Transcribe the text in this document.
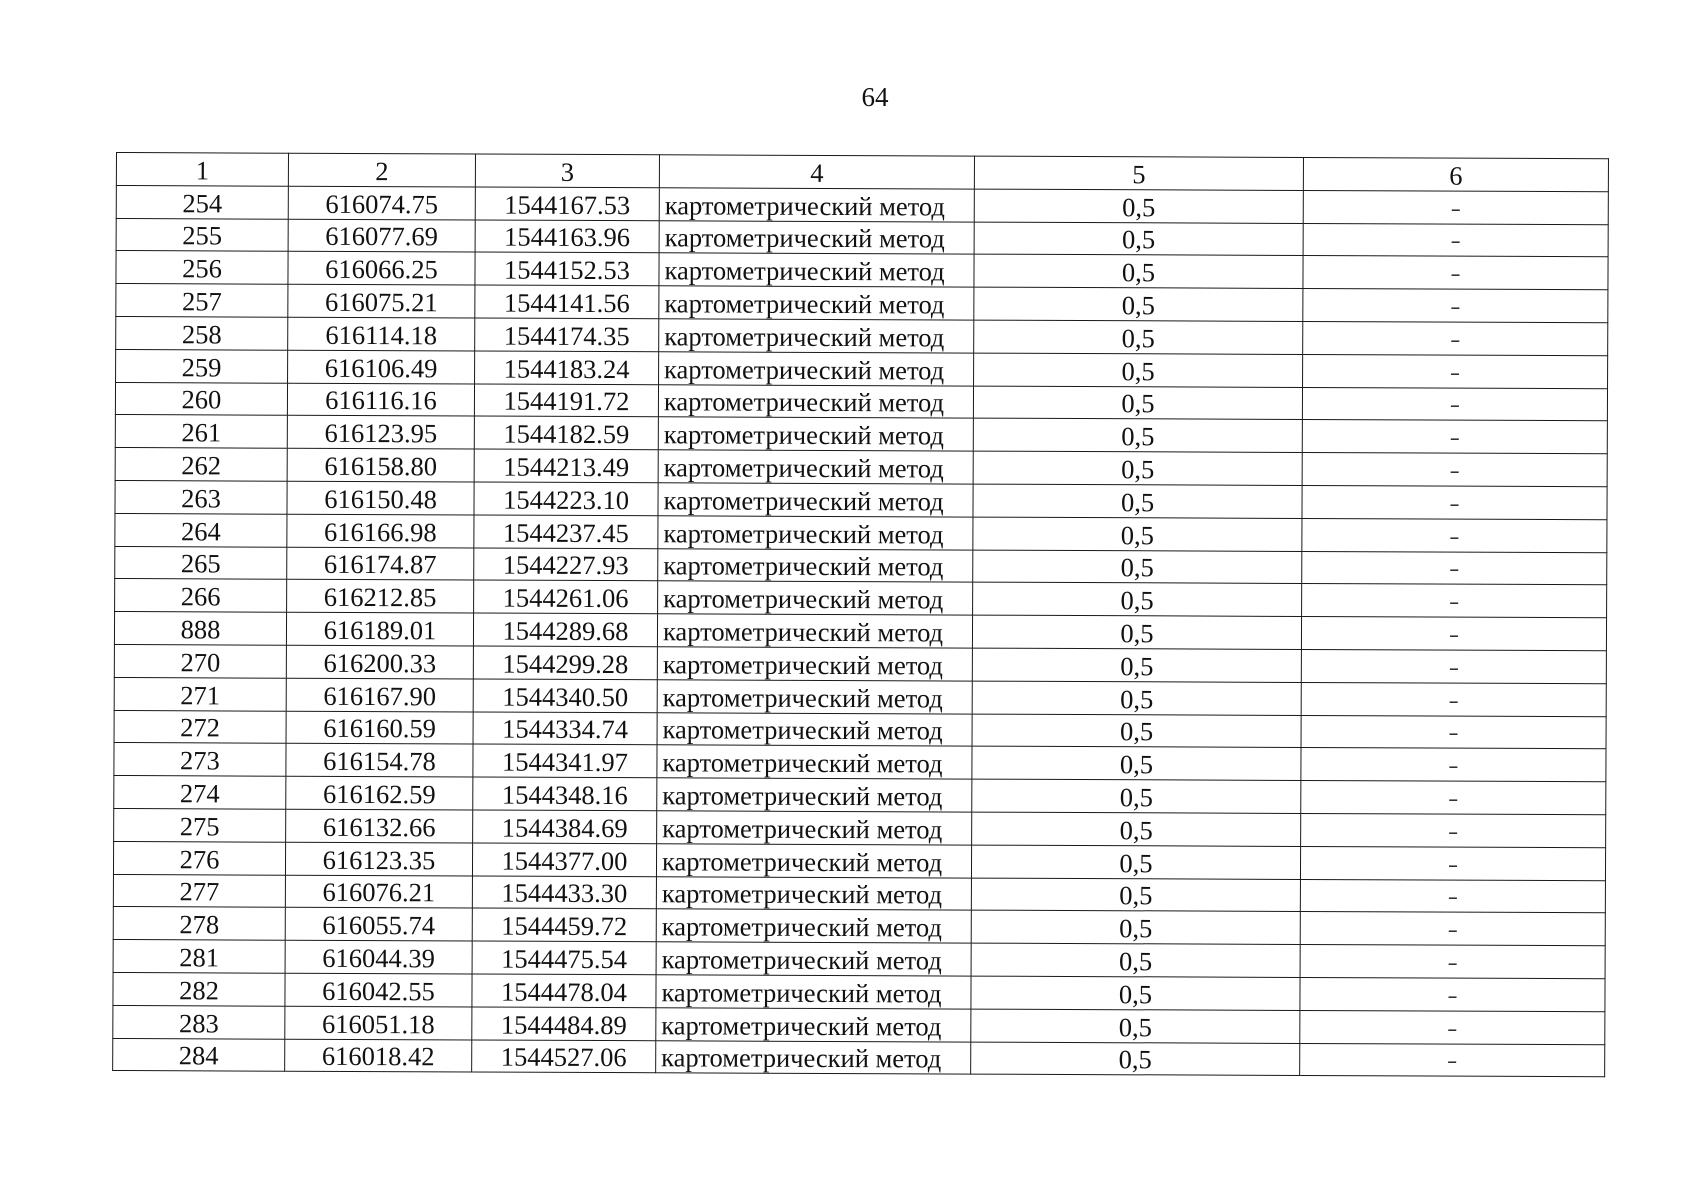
64
1	2	3	4	5	6
254	616074.75	1544167.53	картометрический метод	0,5	–
255	616077.69	1544163.96	картометрический метод	0,5	–
256	616066.25	1544152.53	картометрический метод	0,5	–
257	616075.21	1544141.56	картометрический метод	0,5	–
258	616114.18	1544174.35	картометрический метод	0,5	–
259	616106.49	1544183.24	картометрический метод	0,5	–
260	616116.16	1544191.72	картометрический метод	0,5	–
261	616123.95	1544182.59	картометрический метод	0,5	–
262	616158.80	1544213.49	картометрический метод	0,5	–
263	616150.48	1544223.10	картометрический метод	0,5	–
264	616166.98	1544237.45	картометрический метод	0,5	–
265	616174.87	1544227.93	картометрический метод	0,5	–
266	616212.85	1544261.06	картометрический метод	0,5	–
888	616189.01	1544289.68	картометрический метод	0,5	–
270	616200.33	1544299.28	картометрический метод	0,5	–
271	616167.90	1544340.50	картометрический метод	0,5	–
272	616160.59	1544334.74	картометрический метод	0,5	–
273	616154.78	1544341.97	картометрический метод	0,5	–
274	616162.59	1544348.16	картометрический метод	0,5	–
275	616132.66	1544384.69	картометрический метод	0,5	–
276	616123.35	1544377.00	картометрический метод	0,5	–
277	616076.21	1544433.30	картометрический метод	0,5	–
278	616055.74	1544459.72	картометрический метод	0,5	–
281	616044.39	1544475.54	картометрический метод	0,5	–
282	616042.55	1544478.04	картометрический метод	0,5	–
283	616051.18	1544484.89	картометрический метод	0,5	–
284	616018.42	1544527.06	картометрический метод	0,5	–
